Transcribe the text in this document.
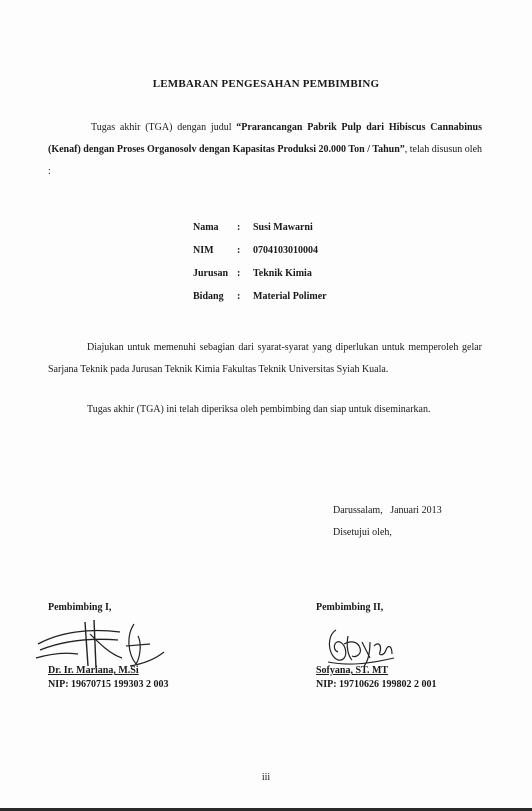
LEMBARAN PENGESAHAN PEMBIMBING
Tugas akhir (TGA) dengan judul “Prarancangan Pabrik Pulp dari Hibiscus Cannabinus (Kenaf) dengan Proses Organosolv dengan Kapasitas Produksi 20.000 Ton / Tahun”, telah disusun oleh :
Nama	:	Susi Mawarni
NIM	:	0704103010004
Jurusan	:	Teknik Kimia
Bidang	:	Material Polimer
Diajukan untuk memenuhi sebagian dari syarat-syarat yang diperlukan untuk memperoleh gelar Sarjana Teknik pada Jurusan Teknik Kimia Fakultas Teknik Universitas Syiah Kuala.
Tugas akhir (TGA) ini telah diperiksa oleh pembimbing dan siap untuk diseminarkan.
Darussalam,   Januari 2013
Disetujui oleh,
Pembimbing I,	Pembimbing II,
Dr. Ir. Mariana, M.Si	Sofyana, ST. MT
NIP: 19670715 199303 2 003	NIP: 19710626 199802 2 001
iii
